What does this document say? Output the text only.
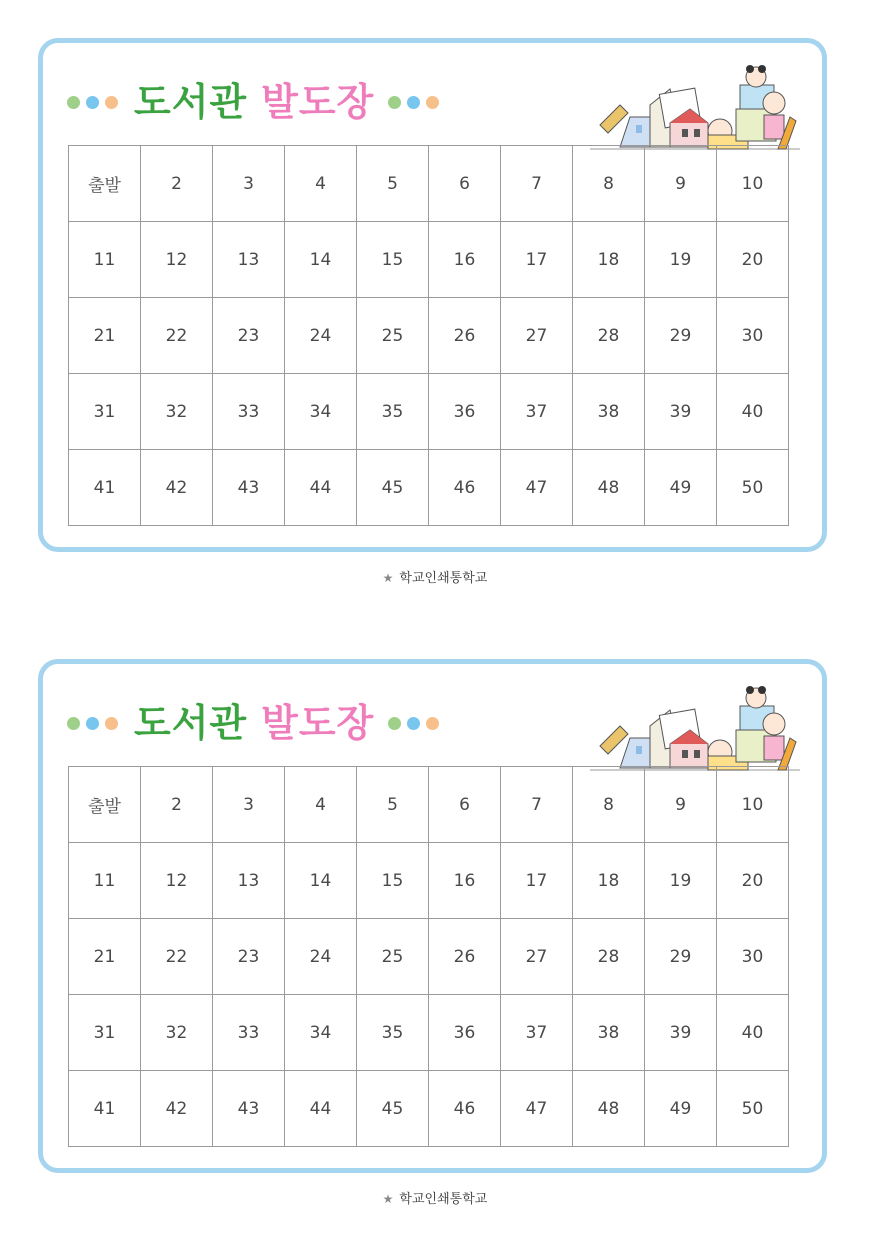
도서관 발도장
출발	2	3	4	5	6	7	8	9	10
11	12	13	14	15	16	17	18	19	20
21	22	23	24	25	26	27	28	29	30
31	32	33	34	35	36	37	38	39	40
41	42	43	44	45	46	47	48	49	50
★ 학교인쇄통학교
도서관 발도장
출발	2	3	4	5	6	7	8	9	10
11	12	13	14	15	16	17	18	19	20
21	22	23	24	25	26	27	28	29	30
31	32	33	34	35	36	37	38	39	40
41	42	43	44	45	46	47	48	49	50
★ 학교인쇄통학교
